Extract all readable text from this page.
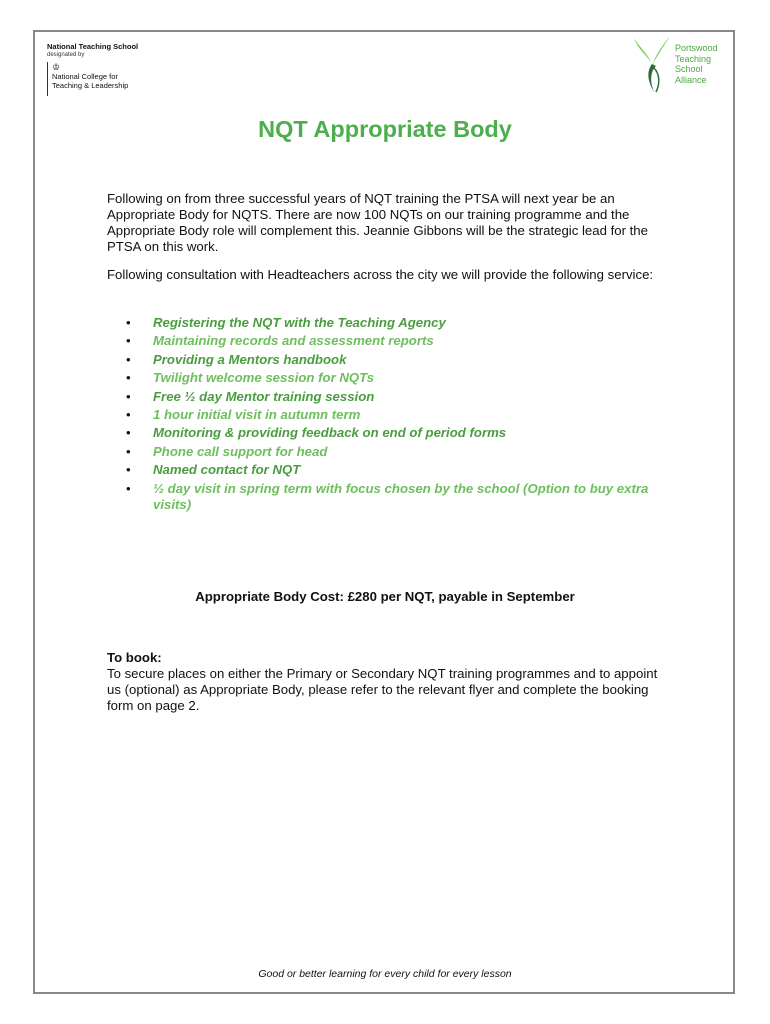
National Teaching School
designated by
♔
National College for
Teaching & Leadership
Portswood
Teaching
School
Alliance
NQT Appropriate Body

Following on from three successful years of NQT training the PTSA will next year be an Appropriate Body for NQTS. There are now 100 NQTs on our training programme and the Appropriate Body role will complement this. Jeannie Gibbons will be the strategic lead for the PTSA on this work.

Following consultation with Headteachers across the city we will provide the following service:

• Registering the NQT with the Teaching Agency
• Maintaining records and assessment reports
• Providing a Mentors handbook
• Twilight welcome session for NQTs
• Free ½ day Mentor training session
• 1 hour initial visit in autumn term
• Monitoring & providing feedback on end of period forms
• Phone call support for head
• Named contact for NQT
• ½ day visit in spring term with focus chosen by the school (Option to buy extra visits)
Appropriate Body Cost: £280 per NQT, payable in September
To book:

To secure places on either the Primary or Secondary NQT training programmes and to appoint us (optional) as Appropriate Body, please refer to the relevant flyer and complete the booking form on page 2.

Good or better learning for every child for every lesson
